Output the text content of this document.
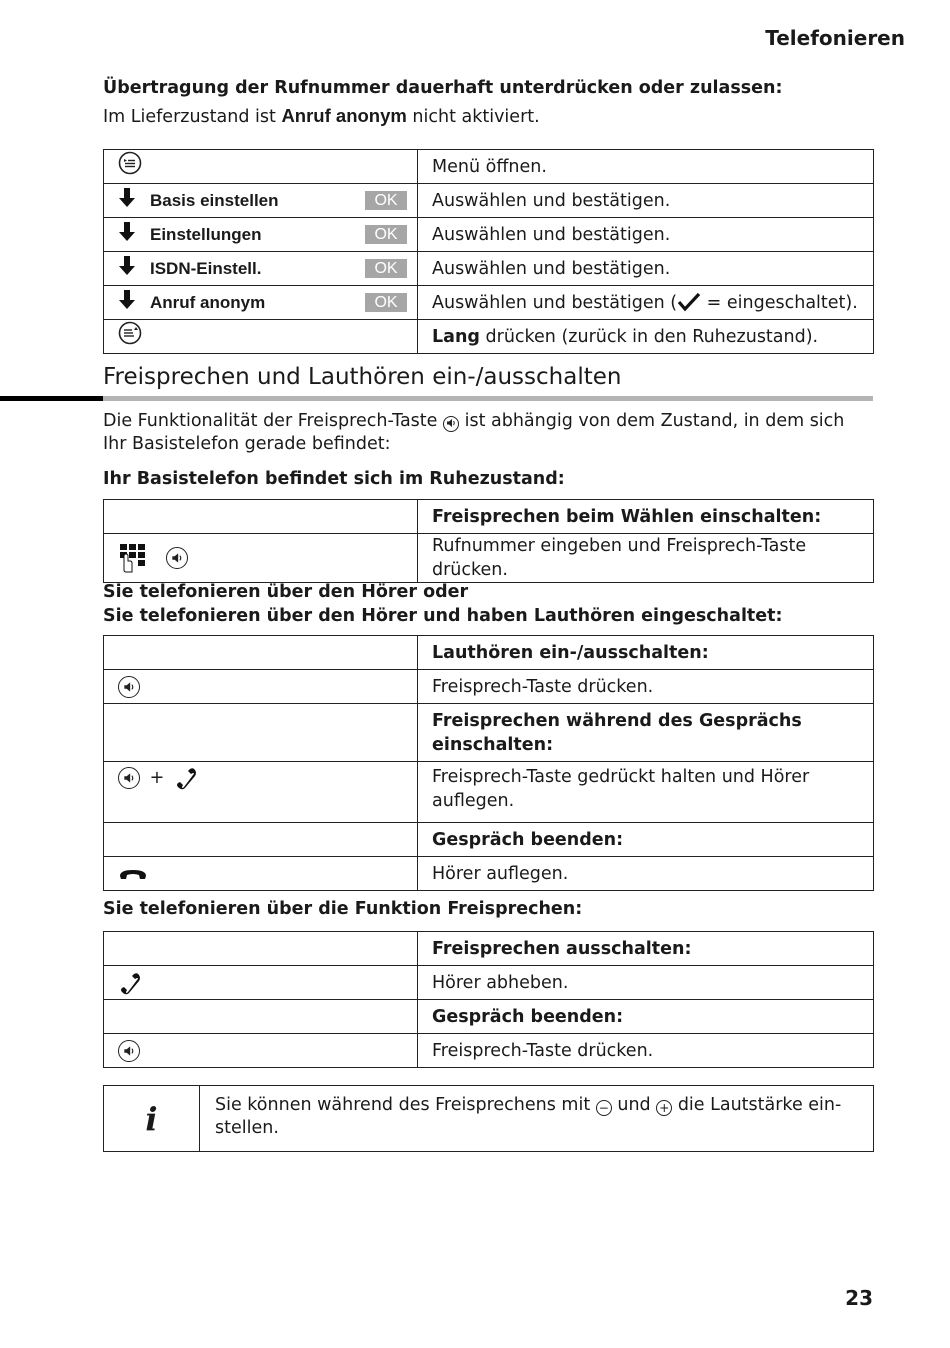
Telefonieren
Übertragung der Rufnummer dauerhaft unterdrücken oder zulassen:
Im Lieferzustand ist Anruf anonym nicht aktiviert.
	Menü öffnen.

Basis einstellen OK	Auswählen und bestätigen.

Einstellungen OK	Auswählen und bestätigen.

ISDN-Einstell. OK	Auswählen und bestätigen.

Anruf anonym OK	Auswählen und bestätigen ( = eingeschaltet).
	Lang drücken (zurück in den Ruhezustand).
Freisprechen und Lauthören ein-/ausschalten
Die Funktionalität der Freisprech-Taste ist abhängig von dem Zustand, in dem sich
Ihr Basistelefon gerade befindet:
Ihr Basistelefon befindet sich im Ruhezustand:
	Freisprechen beim Wählen einschalten:
	Rufnummer eingeben und Freisprech-Taste drücken.
Sie telefonieren über den Hörer oder
Sie telefonieren über den Hörer und haben Lauthören eingeschaltet:
	Lauthören ein-/ausschalten:
	Freisprech-Taste drücken.
	Freisprechen während des Gesprächs einschalten:
+	Freisprech-Taste gedrückt halten und Hörer auflegen.
	Gespräch beenden:
	Hörer auflegen.
Sie telefonieren über die Funktion Freisprechen:
	Freisprechen ausschalten:
	Hörer abheben.
	Gespräch beenden:
	Freisprech-Taste drücken.
i	Sie können während des Freisprechens mit − und + die Lautstärke ein-
stellen.
23
